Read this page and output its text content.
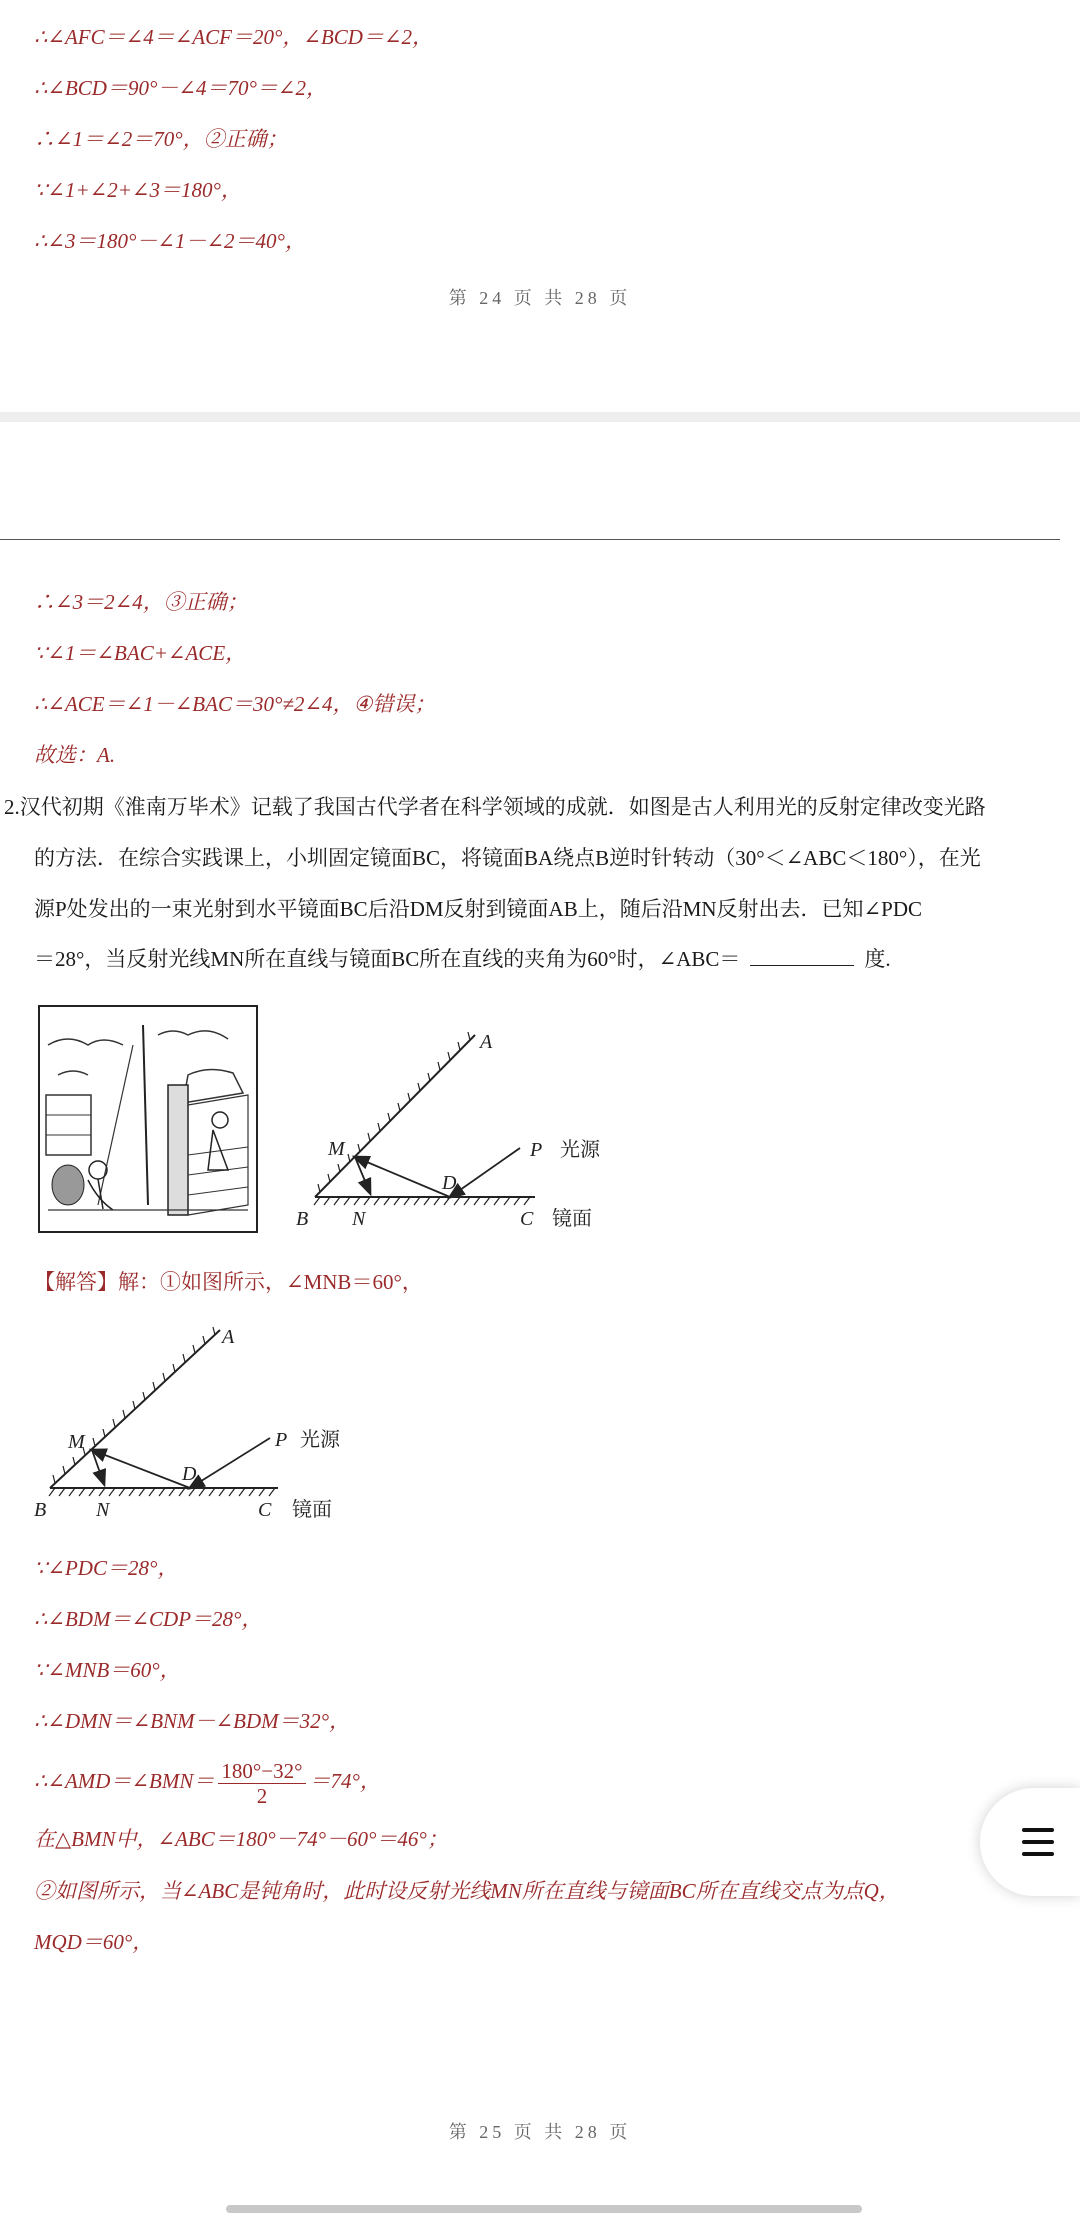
∴∠AFC＝∠4＝∠ACF＝20°，∠BCD＝∠2，
∴∠BCD＝90°－∠4＝70°＝∠2，
∴∠1＝∠2＝70°，②正确；
∵∠1+∠2+∠3＝180°，
∴∠3＝180°－∠1－∠2＝40°，
第 24 页 共 28 页
∴∠3＝2∠4，③正确；
∵∠1＝∠BAC+∠ACE，
∴∠ACE＝∠1－∠BAC＝30°≠2∠4，④错误；
故选：A.
2.汉代初期《淮南万毕术》记载了我国古代学者在科学领域的成就．如图是古人利用光的反射定律改变光路
的方法．在综合实践课上，小圳固定镜面BC，将镜面BA绕点B逆时针转动（30°＜∠ABC＜180°），在光
源P处发出的一束光射到水平镜面BC后沿DM反射到镜面AB上，随后沿MN反射出去．已知∠PDC
＝28°，当反射光线MN所在直线与镜面BC所在直线的夹角为60°时，∠ABC＝	度.
A
M
D
P 光源
B N	C 镜面
【解答】解：①如图所示，∠MNB＝60°，
A
M
D
P 光源
B N	C 镜面
∵∠PDC＝28°，
∴∠BDM＝∠CDP＝28°，
∵∠MNB＝60°，
∴∠DMN＝∠BNM－∠BDM＝32°，
∴∠AMD＝∠BMN＝ $\frac{180^\circ-32^\circ}{2} =74^\circ$，
在△BMN中，∠ABC＝180°－74°－60°＝46°；
②如图所示，当∠ABC是钝角时，此时设反射光线MN所在直线与镜面BC所在直线交点为点Q，
MQD＝60°，
第 25 页 共 28 页
